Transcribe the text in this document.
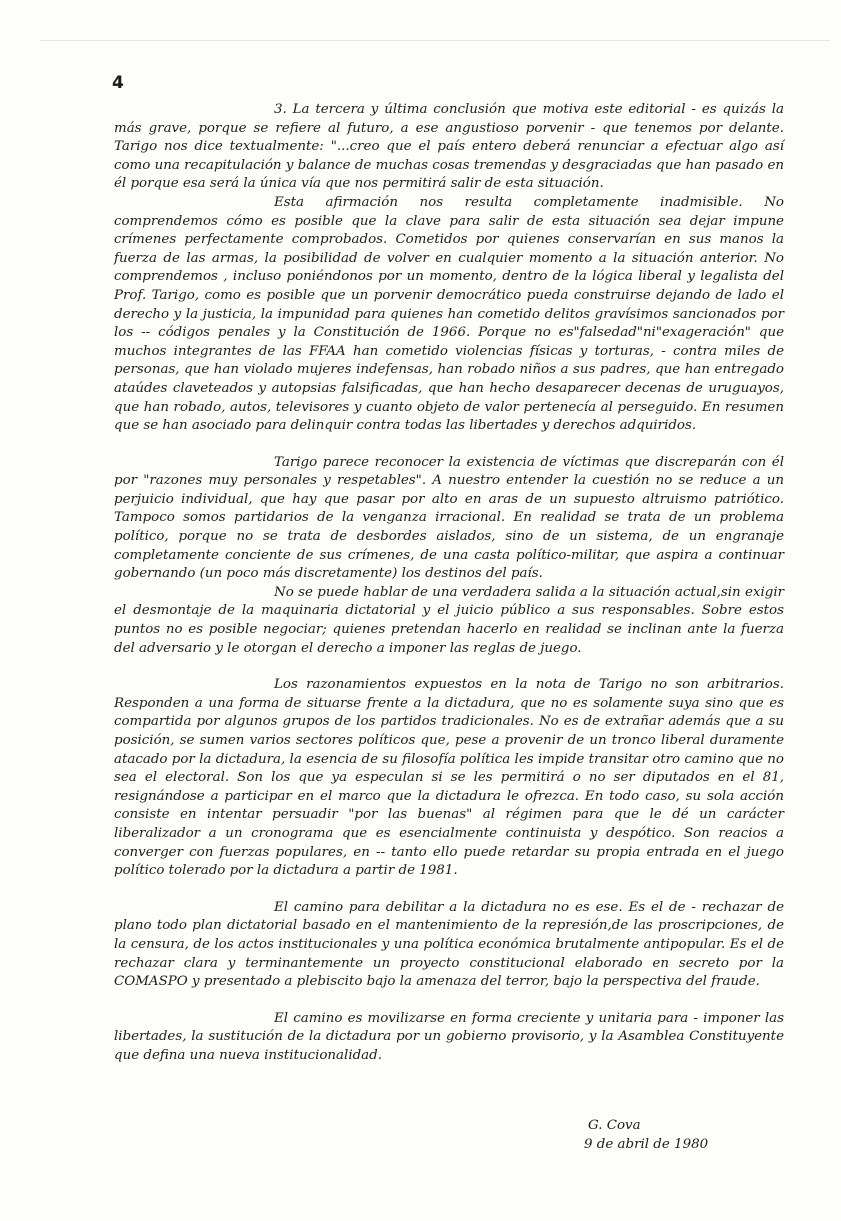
4

3. La tercera y última conclusión que motiva este editorial - es quizás la más grave, porque se refiere al futuro, a ese angustioso porvenir - que tenemos por delante. Tarigo nos dice textualmente: "...creo que el país entero deberá renunciar a efectuar algo así como una recapitulación y balance de muchas cosas tremendas y desgraciadas que han pasado en él porque esa será la única vía que nos permitirá salir de esta situación.

Esta afirmación nos resulta completamente inadmisible. No comprendemos cómo es posible que la clave para salir de esta situación sea dejar impune crímenes perfectamente comprobados. Cometidos por quienes conservarían en sus manos la fuerza de las armas, la posibilidad de volver en cualquier momento a la situación anterior. No comprendemos , incluso poniéndonos por un momento, dentro de la lógica liberal y legalista del Prof. Tarigo, como es posible que un porvenir democrático pueda construirse dejando de lado el derecho y la justicia, la impunidad para quienes han cometido delitos gravísimos sancionados por los -- códigos penales y la Constitución de 1966. Porque no es"falsedad"ni"exageración" que muchos integrantes de las FFAA han cometido violencias físicas y torturas, - contra miles de personas, que han violado mujeres indefensas, han robado niños a sus padres, que han entregado ataúdes claveteados y autopsias falsificadas, que han hecho desaparecer decenas de uruguayos, que han robado, autos, televisores y cuanto objeto de valor pertenecía al perseguido. En resumen que se han asociado para delinquir contra todas las libertades y derechos adquiridos.

Tarigo parece reconocer la existencia de víctimas que discreparán con él por "razones muy personales y respetables". A nuestro entender la cuestión no se reduce a un perjuicio individual, que hay que pasar por alto en aras de un supuesto altruismo patriótico. Tampoco somos partidarios de la venganza irracional. En realidad se trata de un problema político, porque no se trata de desbordes aislados, sino de un sistema, de un engranaje completamente conciente de sus crímenes, de una casta político-militar, que aspira a continuar gobernando (un poco más discretamente) los destinos del país.

No se puede hablar de una verdadera salida a la situación actual,sin exigir el desmontaje de la maquinaria dictatorial y el juicio público a sus responsables. Sobre estos puntos no es posible negociar; quienes pretendan hacerlo en realidad se inclinan ante la fuerza del adversario y le otorgan el derecho a imponer las reglas de juego.

Los razonamientos expuestos en la nota de Tarigo no son arbitrarios. Responden a una forma de situarse frente a la dictadura, que no es solamente suya sino que es compartida por algunos grupos de los partidos tradicionales. No es de extrañar además que a su posición, se sumen varios sectores políticos que, pese a provenir de un tronco liberal duramente atacado por la dictadura, la esencia de su filosofía política les impide transitar otro camino que no sea el electoral. Son los que ya especulan si se les permitirá o no ser diputados en el 81, resignándose a participar en el marco que la dictadura le ofrezca. En todo caso, su sola acción consiste en intentar persuadir "por las buenas" al régimen para que le dé un carácter liberalizador a un cronograma que es esencialmente continuista y despótico. Son reacios a converger con fuerzas populares, en -- tanto ello puede retardar su propia entrada en el juego político tolerado por la dictadura a partir de 1981.

El camino para debilitar a la dictadura no es ese. Es el de - rechazar de plano todo plan dictatorial basado en el mantenimiento de la represión,de las proscripciones, de la censura, de los actos institucionales y una política económica brutalmente antipopular. Es el de rechazar clara y terminantemente un proyecto constitucional elaborado en secreto por la COMASPO y presentado a plebiscito bajo la amenaza del terror, bajo la perspectiva del fraude.

El camino es movilizarse en forma creciente y unitaria para - imponer las libertades, la sustitución de la dictadura por un gobierno provisorio, y la Asamblea Constituyente que defina una nueva institucionalidad.

G. Cova
9 de abril de 1980
